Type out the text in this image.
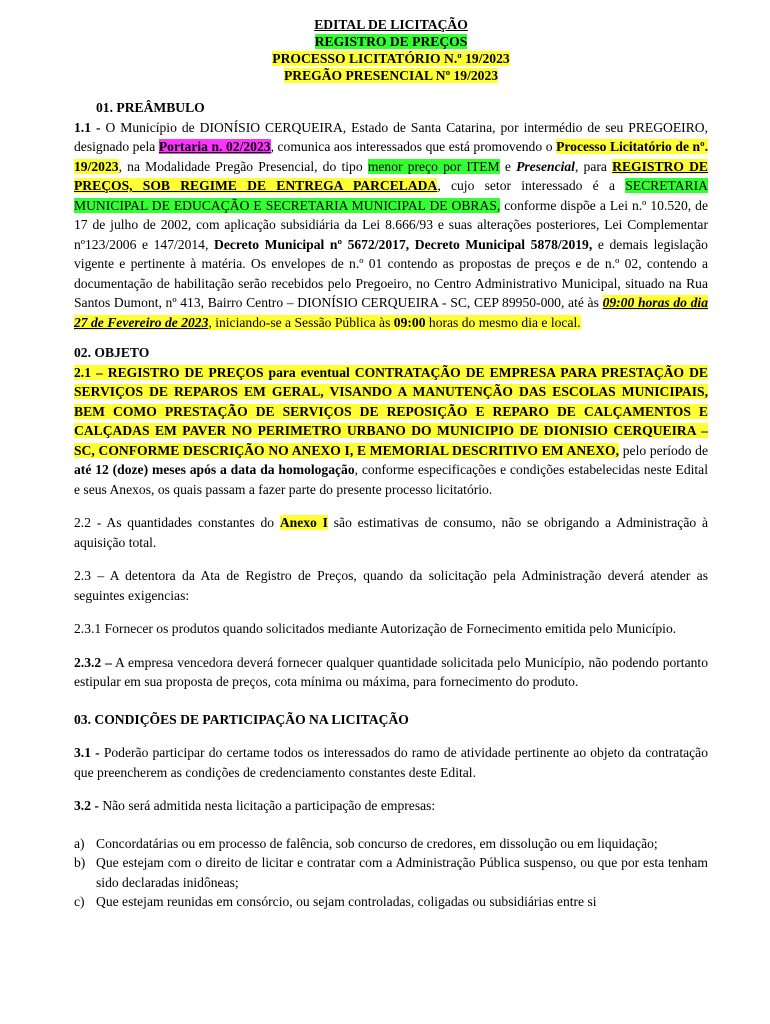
EDITAL DE LICITAÇÃO
REGISTRO DE PREÇOS
PROCESSO LICITATÓRIO N.º 19/2023
PREGÃO PRESENCIAL Nº 19/2023
01. PREÂMBULO

1.1 - O Município de DIONÍSIO CERQUEIRA, Estado de Santa Catarina, por intermédio de seu PREGOEIRO, designado pela Portaria n. 02/2023, comunica aos interessados que está promovendo o Processo Licitatório de nº. 19/2023, na Modalidade Pregão Presencial, do tipo menor preço por ITEM e Presencial, para REGISTRO DE PREÇOS, SOB REGIME DE ENTREGA PARCELADA, cujo setor interessado é a SECRETARIA MUNICIPAL DE EDUCAÇÃO E SECRETARIA MUNICIPAL DE OBRAS, conforme dispõe a Lei n.º 10.520, de 17 de julho de 2002, com aplicação subsidiária da Lei 8.666/93 e suas alterações posteriores, Lei Complementar nº123/2006 e 147/2014, Decreto Municipal nº 5672/2017, Decreto Municipal 5878/2019, e demais legislação vigente e pertinente à matéria. Os envelopes de n.º 01 contendo as propostas de preços e de n.º 02, contendo a documentação de habilitação serão recebidos pelo Pregoeiro, no Centro Administrativo Municipal, situado na Rua Santos Dumont, nº 413, Bairro Centro – DIONÍSIO CERQUEIRA - SC, CEP 89950-000, até às 09:00 horas do dia 27 de Fevereiro de 2023, iniciando-se a Sessão Pública às 09:00 horas do mesmo dia e local.

02. OBJETO

2.1 – REGISTRO DE PREÇOS para eventual CONTRATAÇÃO DE EMPRESA PARA PRESTAÇÃO DE SERVIÇOS DE REPAROS EM GERAL, VISANDO A MANUTENÇÃO DAS ESCOLAS MUNICIPAIS, BEM COMO PRESTAÇÃO DE SERVIÇOS DE REPOSIÇÃO E REPARO DE CALÇAMENTOS E CALÇADAS EM PAVER NO PERIMETRO URBANO DO MUNICIPIO DE DIONISIO CERQUEIRA – SC, CONFORME DESCRIÇÃO NO ANEXO I, E MEMORIAL DESCRITIVO EM ANEXO, pelo período de até 12 (doze) meses após a data da homologação, conforme especificações e condições estabelecidas neste Edital e seus Anexos, os quais passam a fazer parte do presente processo licitatório.

2.2 - As quantidades constantes do Anexo I são estimativas de consumo, não se obrigando a Administração à aquisição total.

2.3 – A detentora da Ata de Registro de Preços, quando da solicitação pela Administração deverá atender as seguintes exigencias:

2.3.1 Fornecer os produtos quando solicitados mediante Autorização de Fornecimento emitida pelo Município.

2.3.2 – A empresa vencedora deverá fornecer qualquer quantidade solicitada pelo Município, não podendo portanto estipular em sua proposta de preços, cota mínima ou máxima, para fornecimento do produto.

03. CONDIÇÕES DE PARTICIPAÇÃO NA LICITAÇÃO

3.1 - Poderão participar do certame todos os interessados do ramo de atividade pertinente ao objeto da contratação que preencherem as condições de credenciamento constantes deste Edital.

3.2 - Não será admitida nesta licitação a participação de empresas:

a) Concordatárias ou em processo de falência, sob concurso de credores, em dissolução ou em liquidação;
b) Que estejam com o direito de licitar e contratar com a Administração Pública suspenso, ou que por esta tenham sido declaradas inidôneas;
c) Que estejam reunidas em consórcio, ou sejam controladas, coligadas ou subsidiárias entre si
